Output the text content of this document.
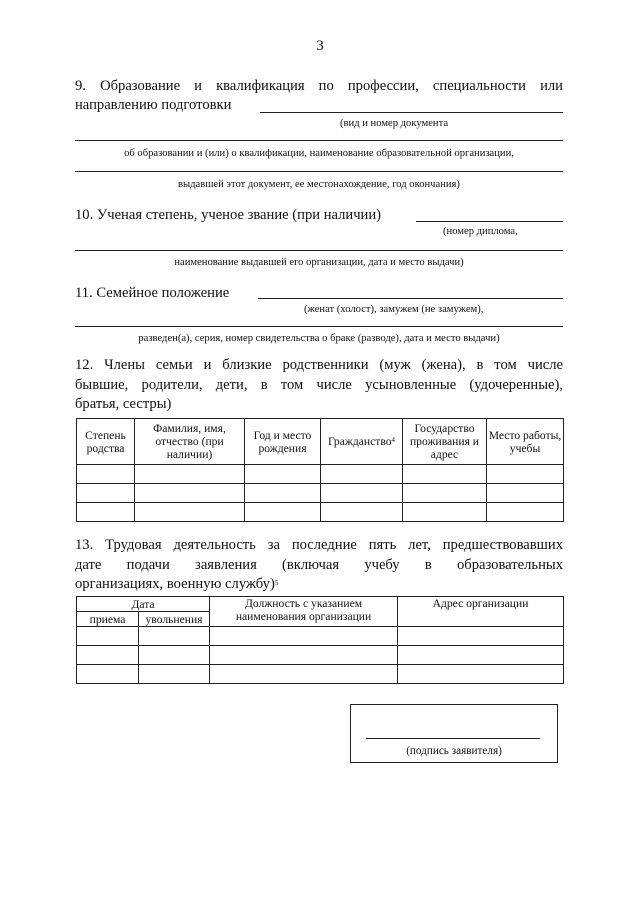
3
9. Образование и квалификация по профессии, специальности или
направлению подготовки
(вид и номер документа
об образовании и (или) о квалификации, наименование образовательной организации,
выдавшей этот документ, ее местонахождение, год окончания)
10. Ученая степень, ученое звание (при наличии)
(номер диплома,
наименование выдавшей его организации, дата и место выдачи)
11. Семейное положение
(женат (холост), замужем (не замужем),
разведен(а), серия, номер свидетельства о браке (разводе), дата и место выдачи)
12. Члены семьи и близкие родственники (муж (жена), в том числе
бывшие, родители, дети, в том числе усыновленные (удочеренные),
братья, сестры)
Степень родства	Фамилия, имя, отчество (при наличии)	Год и место рождения	Гражданство$^4$	Государство проживания и адрес	Место работы, учебы

13. Трудовая деятельность за последние пять лет, предшествовавших
дате подачи заявления (включая учебу в образовательных
организациях, военную службу)$^5$
Дата		Должность с указанием наименования организации	Адрес организации
приема	увольнения		

(подпись заявителя)
